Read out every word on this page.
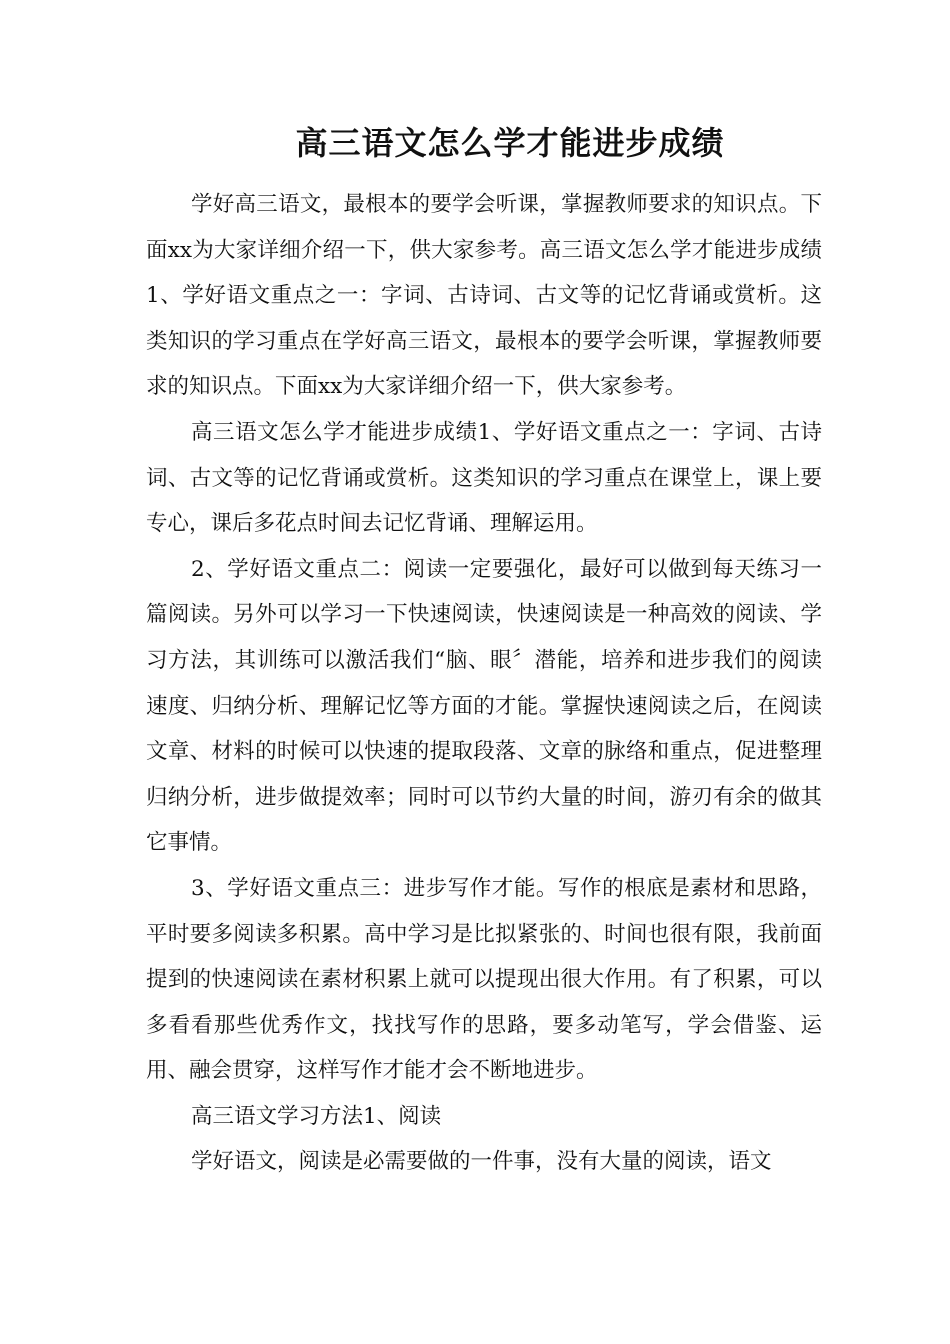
高三语文怎么学才能进步成绩

学好高三语文，最根本的要学会听课，掌握教师要求的知识点。下面xx为大家详细介绍一下，供大家参考。高三语文怎么学才能进步成绩1、学好语文重点之一：字词、古诗词、古文等的记忆背诵或赏析。这类知识的学习重点在学好高三语文，最根本的要学会听课，掌握教师要求的知识点。下面xx为大家详细介绍一下，供大家参考。

高三语文怎么学才能进步成绩1、学好语文重点之一：字词、古诗词、古文等的记忆背诵或赏析。这类知识的学习重点在课堂上，课上要专心，课后多花点时间去记忆背诵、理解运用。

2、学好语文重点二：阅读一定要强化，最好可以做到每天练习一篇阅读。另外可以学习一下快速阅读，快速阅读是一种高效的阅读、学习方法，其训练可以激活我们“脑、眼〞潜能，培养和进步我们的阅读速度、归纳分析、理解记忆等方面的才能。掌握快速阅读之后，在阅读文章、材料的时候可以快速的提取段落、文章的脉络和重点，促进整理归纳分析，进步做提效率；同时可以节约大量的时间，游刃有余的做其它事情。

3、学好语文重点三：进步写作才能。写作的根底是素材和思路，平时要多阅读多积累。高中学习是比拟紧张的、时间也很有限，我前面提到的快速阅读在素材积累上就可以提现出很大作用。有了积累，可以多看看那些优秀作文，找找写作的思路，要多动笔写，学会借鉴、运用、融会贯穿，这样写作才能才会不断地进步。

高三语文学习方法1、阅读

学好语文，阅读是必需要做的一件事，没有大量的阅读，语文
